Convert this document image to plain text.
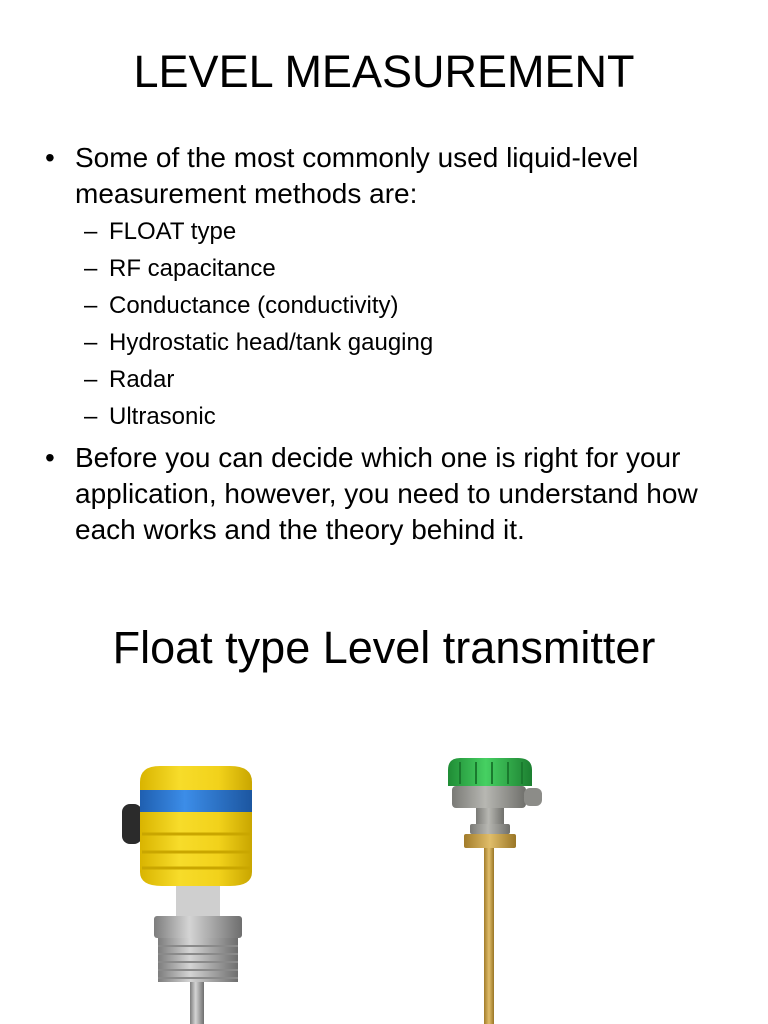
LEVEL MEASUREMENT
• Some of the most commonly used liquid-level measurement methods are:
– FLOAT type
– RF capacitance
– Conductance (conductivity)
– Hydrostatic head/tank gauging
– Radar
– Ultrasonic
• Before you can decide which one is right for your application, however, you need to understand how each works and the theory behind it.
Float type Level transmitter
